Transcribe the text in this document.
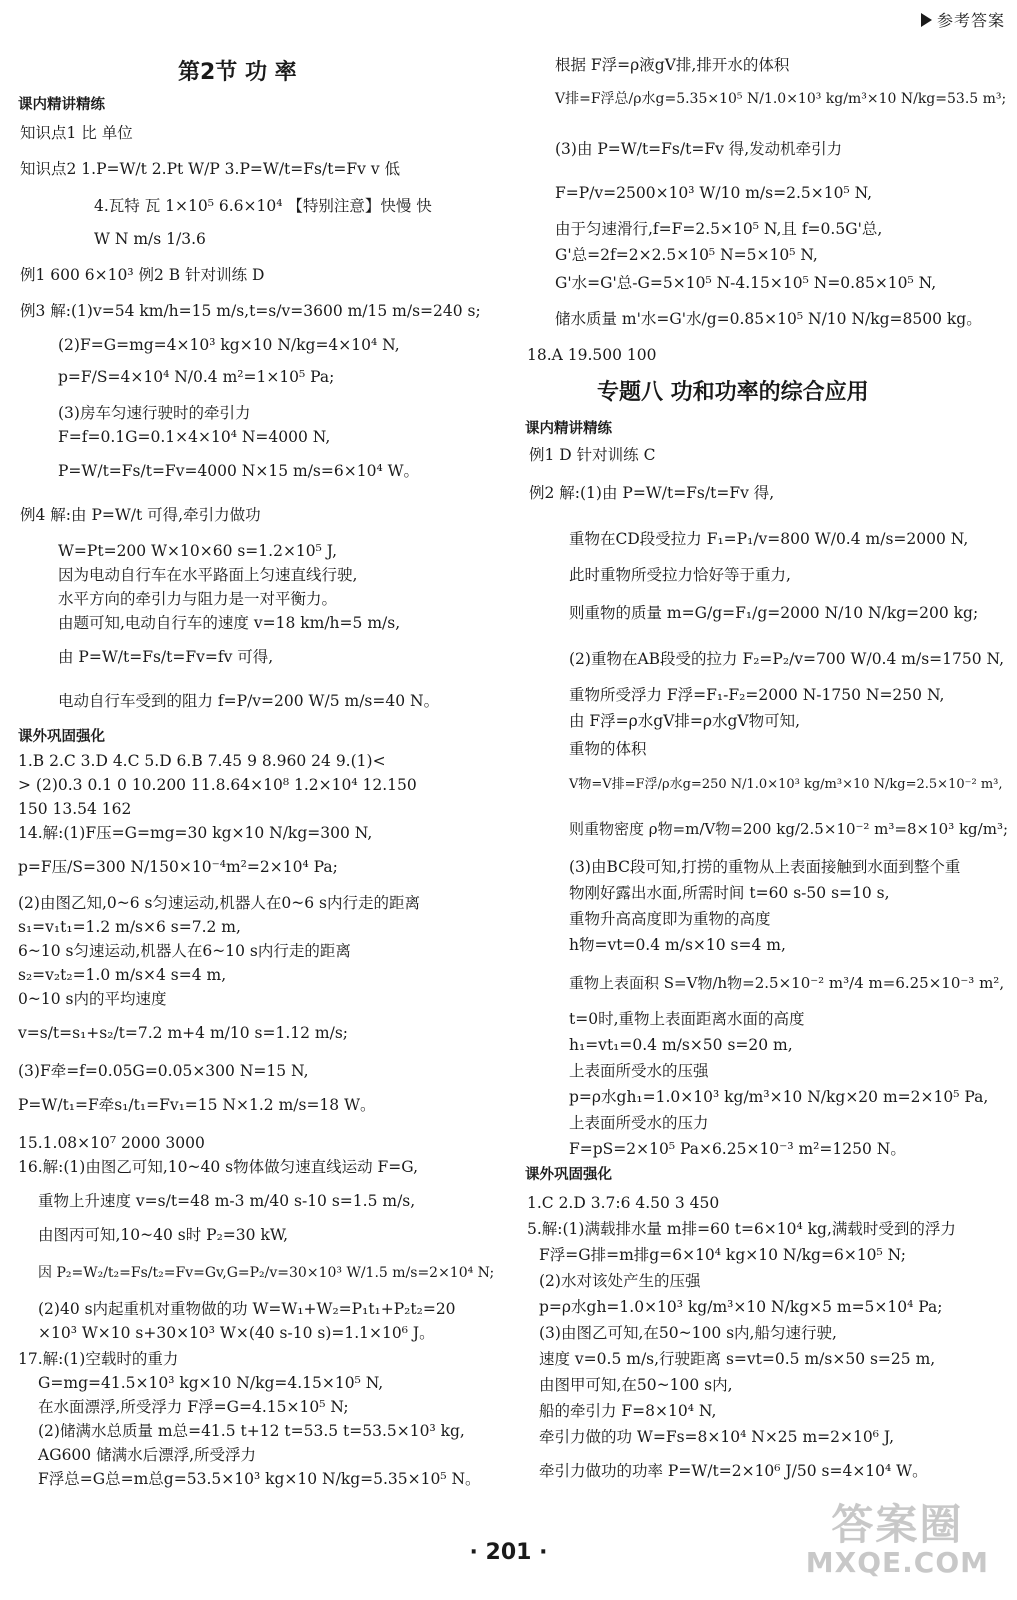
参考答案
第2节 功 率
课内精讲精练
知识点1 比 单位
知识点2 1.P=W/t 2.Pt W/P 3.P=W/t=Fs/t=Fv v 低
4.瓦特 瓦 1×10⁵ 6.6×10⁴ 【特别注意】快慢 快
W N m/s 1/3.6
例1 600 6×10³ 例2 B 针对训练 D
例3 解:(1)v=54 km/h=15 m/s,t=s/v=3600 m/15 m/s=240 s;
(2)F=G=mg=4×10³ kg×10 N/kg=4×10⁴ N,
p=F/S=4×10⁴ N/0.4 m²=1×10⁵ Pa;
(3)房车匀速行驶时的牵引力
F=f=0.1G=0.1×4×10⁴ N=4000 N,
P=W/t=Fs/t=Fv=4000 N×15 m/s=6×10⁴ W。
例4 解:由 P=W/t 可得,牵引力做功
W=Pt=200 W×10×60 s=1.2×10⁵ J,
因为电动自行车在水平路面上匀速直线行驶,
水平方向的牵引力与阻力是一对平衡力。
由题可知,电动自行车的速度 v=18 km/h=5 m/s,
由 P=W/t=Fs/t=Fv=fv 可得,
电动自行车受到的阻力 f=P/v=200 W/5 m/s=40 N。
课外巩固强化
1.B 2.C 3.D 4.C 5.D 6.B 7.45 9 8.960 24 9.(1)<
> (2)0.3 0.1 0 10.200 11.8.64×10⁸ 1.2×10⁴ 12.150
150 13.54 162
14.解:(1)F压=G=mg=30 kg×10 N/kg=300 N,
p=F压/S=300 N/150×10⁻⁴m²=2×10⁴ Pa;
(2)由图乙知,0~6 s匀速运动,机器人在0~6 s内行走的距离
s₁=v₁t₁=1.2 m/s×6 s=7.2 m,
6~10 s匀速运动,机器人在6~10 s内行走的距离
s₂=v₂t₂=1.0 m/s×4 s=4 m,
0~10 s内的平均速度
v=s/t=s₁+s₂/t=7.2 m+4 m/10 s=1.12 m/s;
(3)F牵=f=0.05G=0.05×300 N=15 N,
P=W/t₁=F牵s₁/t₁=Fv₁=15 N×1.2 m/s=18 W。
15.1.08×10⁷ 2000 3000
16.解:(1)由图乙可知,10~40 s物体做匀速直线运动 F=G,
重物上升速度 v=s/t=48 m-3 m/40 s-10 s=1.5 m/s,
由图丙可知,10~40 s时 P₂=30 kW,
因 P₂=W₂/t₂=Fs/t₂=Fv=Gv,G=P₂/v=30×10³ W/1.5 m/s=2×10⁴ N;
(2)40 s内起重机对重物做的功 W=W₁+W₂=P₁t₁+P₂t₂=20
×10³ W×10 s+30×10³ W×(40 s-10 s)=1.1×10⁶ J。
17.解:(1)空载时的重力
G=mg=41.5×10³ kg×10 N/kg=4.15×10⁵ N,
在水面漂浮,所受浮力 F浮=G=4.15×10⁵ N;
(2)储满水总质量 m总=41.5 t+12 t=53.5 t=53.5×10³ kg,
AG600 储满水后漂浮,所受浮力
F浮总=G总=m总g=53.5×10³ kg×10 N/kg=5.35×10⁵ N。
专题八 功和功率的综合应用
根据 F浮=ρ液gV排,排开水的体积
V排=F浮总/ρ水g=5.35×10⁵ N/1.0×10³ kg/m³×10 N/kg=53.5 m³;
(3)由 P=W/t=Fs/t=Fv 得,发动机牵引力
F=P/v=2500×10³ W/10 m/s=2.5×10⁵ N,
由于匀速滑行,f=F=2.5×10⁵ N,且 f=0.5G'总,
G'总=2f=2×2.5×10⁵ N=5×10⁵ N,
G'水=G'总-G=5×10⁵ N-4.15×10⁵ N=0.85×10⁵ N,
储水质量 m'水=G'水/g=0.85×10⁵ N/10 N/kg=8500 kg。
18.A 19.500 100
课内精讲精练
例1 D 针对训练 C
例2 解:(1)由 P=W/t=Fs/t=Fv 得,
重物在CD段受拉力 F₁=P₁/v=800 W/0.4 m/s=2000 N,
此时重物所受拉力恰好等于重力,
则重物的质量 m=G/g=F₁/g=2000 N/10 N/kg=200 kg;
(2)重物在AB段受的拉力 F₂=P₂/v=700 W/0.4 m/s=1750 N,
重物所受浮力 F浮=F₁-F₂=2000 N-1750 N=250 N,
由 F浮=ρ水gV排=ρ水gV物可知,
重物的体积
V物=V排=F浮/ρ水g=250 N/1.0×10³ kg/m³×10 N/kg=2.5×10⁻² m³,
则重物密度 ρ物=m/V物=200 kg/2.5×10⁻² m³=8×10³ kg/m³;
(3)由BC段可知,打捞的重物从上表面接触到水面到整个重
物刚好露出水面,所需时间 t=60 s-50 s=10 s,
重物升高高度即为重物的高度
h物=vt=0.4 m/s×10 s=4 m,
重物上表面积 S=V物/h物=2.5×10⁻² m³/4 m=6.25×10⁻³ m²,
t=0时,重物上表面距离水面的高度
h₁=vt₁=0.4 m/s×50 s=20 m,
上表面所受水的压强
p=ρ水gh₁=1.0×10³ kg/m³×10 N/kg×20 m=2×10⁵ Pa,
上表面所受水的压力
F=pS=2×10⁵ Pa×6.25×10⁻³ m²=1250 N。
课外巩固强化
1.C 2.D 3.7:6 4.50 3 450
5.解:(1)满载排水量 m排=60 t=6×10⁴ kg,满载时受到的浮力
F浮=G排=m排g=6×10⁴ kg×10 N/kg=6×10⁵ N;
(2)水对该处产生的压强
p=ρ水gh=1.0×10³ kg/m³×10 N/kg×5 m=5×10⁴ Pa;
(3)由图乙可知,在50~100 s内,船匀速行驶,
速度 v=0.5 m/s,行驶距离 s=vt=0.5 m/s×50 s=25 m,
由图甲可知,在50~100 s内,
船的牵引力 F=8×10⁴ N,
牵引力做的功 W=Fs=8×10⁴ N×25 m=2×10⁶ J,
牵引力做功的功率 P=W/t=2×10⁶ J/50 s=4×10⁴ W。
· 201 ·
答案圈
MXQE.COM
